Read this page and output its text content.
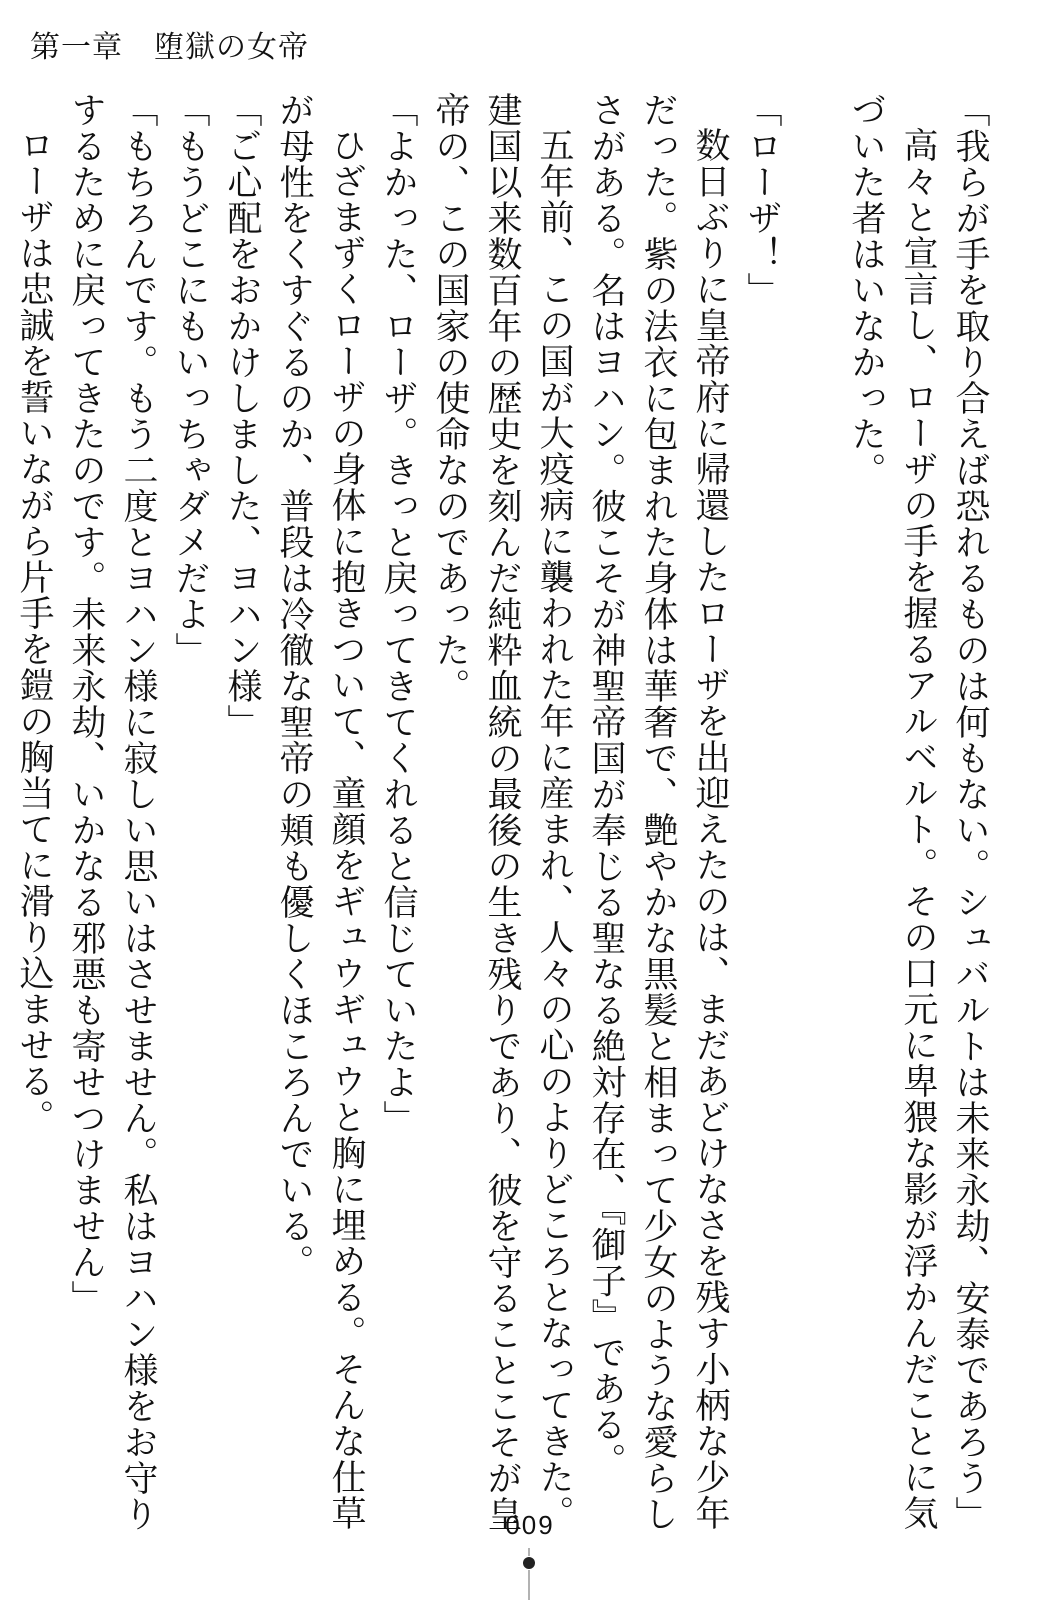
第一章　堕獄の女帝
「我らが手を取り合えば恐れるものは何もない。シュバルトは未来永劫、安泰であろう」
高々と宣言し、ローザの手を握るアルベルト。その口元に卑猥な影が浮かんだことに気
づいた者はいなかった。
「ローザ！」
数日ぶりに皇帝府に帰還したローザを出迎えたのは、まだあどけなさを残す小柄な少年
だった。紫の法衣に包まれた身体は華奢で、艶やかな黒髪と相まって少女のような愛らし
さがある。名はヨハン。彼こそが神聖帝国が奉じる聖なる絶対存在、『御子』である。
五年前、この国が大疫病に襲われた年に産まれ、人々の心のよりどころとなってきた。
建国以来数百年の歴史を刻んだ純粋血統の最後の生き残りであり、彼を守ることこそが皇
帝の、この国家の使命なのであった。
「よかった、ローザ。きっと戻ってきてくれると信じていたよ」
ひざまずくローザの身体に抱きついて、童顔をギュウギュウと胸に埋める。そんな仕草
が母性をくすぐるのか、普段は冷徹な聖帝の頬も優しくほころんでいる。
「ご心配をおかけしました、ヨハン様」
「もうどこにもいっちゃダメだよ」
「もちろんです。もう二度とヨハン様に寂しい思いはさせません。私はヨハン様をお守り
するために戻ってきたのです。未来永劫、いかなる邪悪も寄せつけません」
ローザは忠誠を誓いながら片手を鎧の胸当てに滑り込ませる。
009
